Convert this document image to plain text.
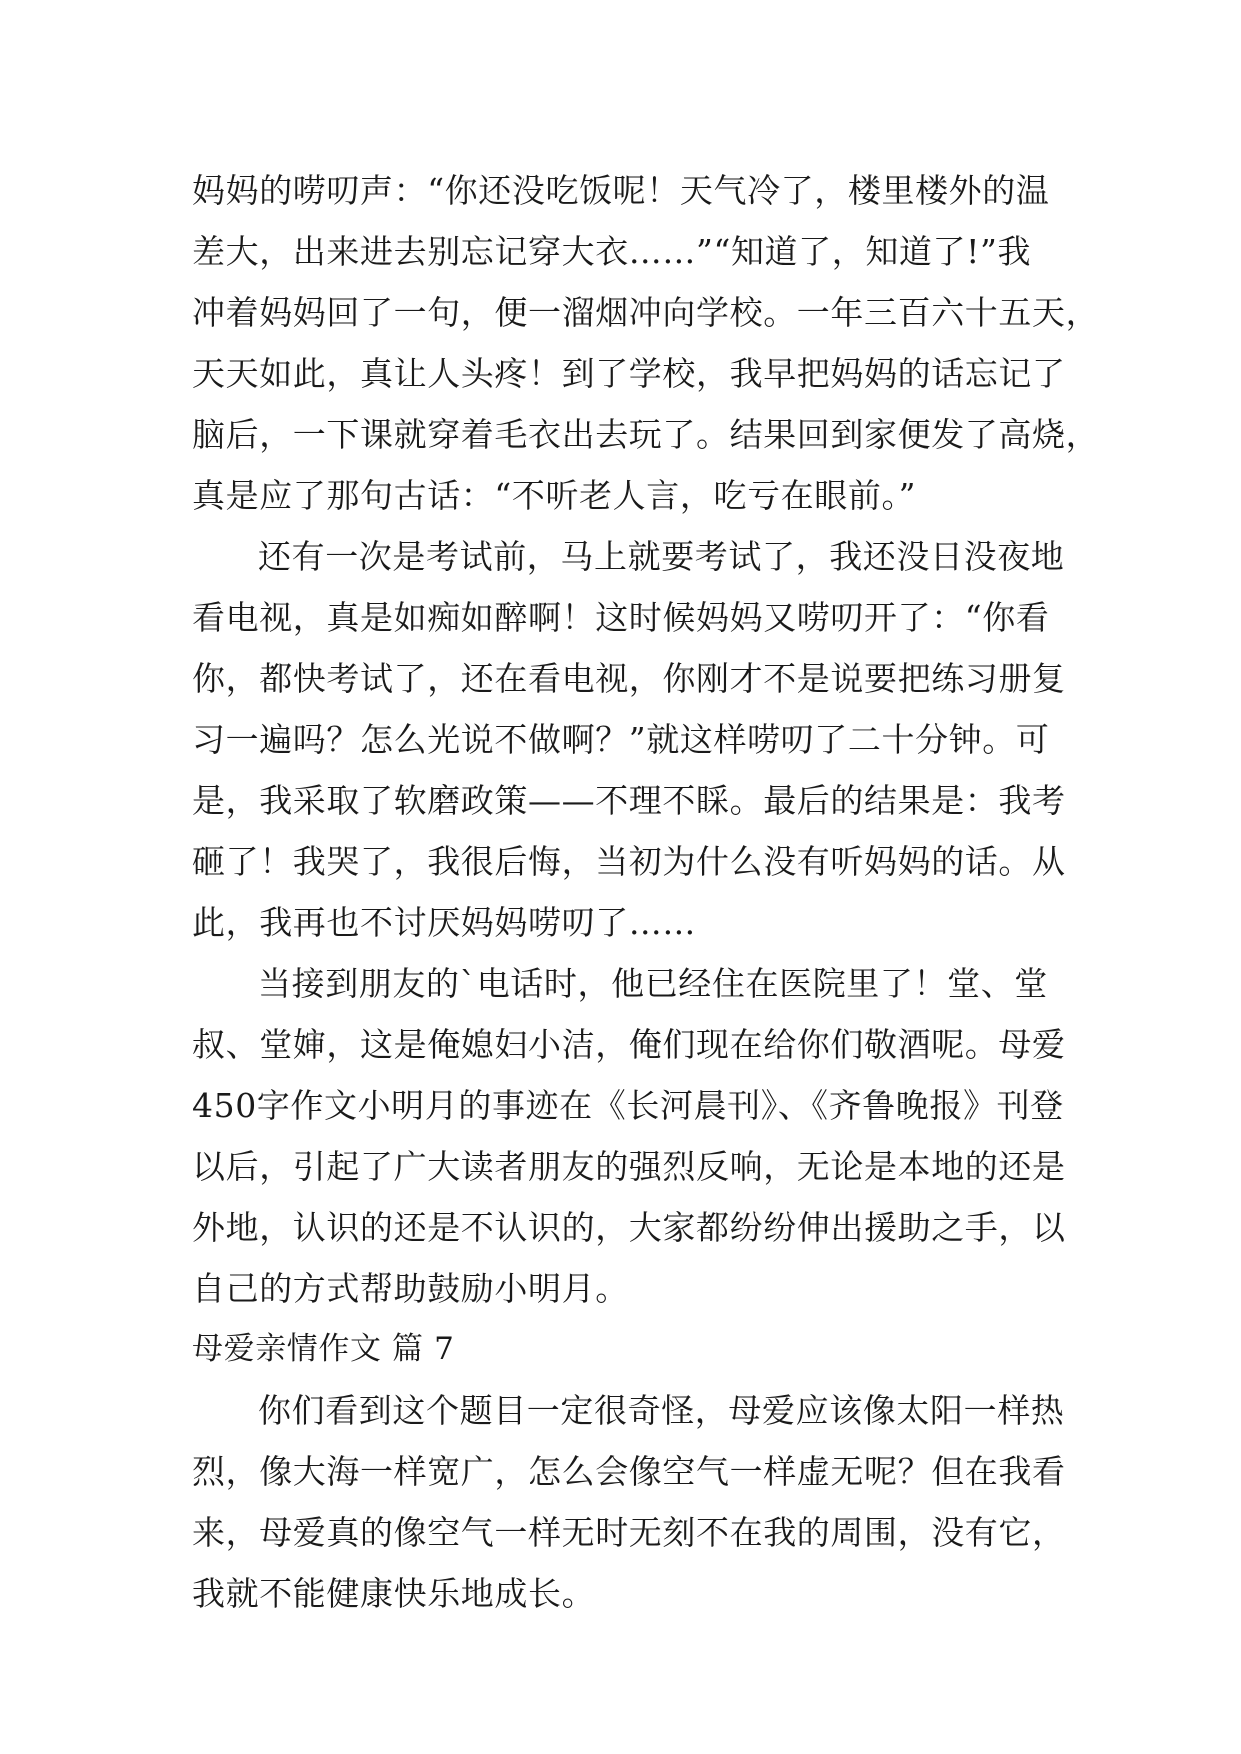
妈妈的唠叨声：“你还没吃饭呢！天气冷了，楼里楼外的温
差大，出来进去别忘记穿大衣……”“知道了，知道了!”我
冲着妈妈回了一句，便一溜烟冲向学校。一年三百六十五天，
天天如此，真让人头疼！到了学校，我早把妈妈的话忘记了
脑后，一下课就穿着毛衣出去玩了。结果回到家便发了高烧，
真是应了那句古话：“不听老人言，吃亏在眼前。”
还有一次是考试前，马上就要考试了，我还没日没夜地
看电视，真是如痴如醉啊！这时候妈妈又唠叨开了：“你看
你，都快考试了，还在看电视，你刚才不是说要把练习册复
习一遍吗？怎么光说不做啊？”就这样唠叨了二十分钟。可
是，我采取了软磨政策——不理不睬。最后的结果是：我考
砸了！我哭了，我很后悔，当初为什么没有听妈妈的话。从
此，我再也不讨厌妈妈唠叨了……
当接到朋友的`电话时，他已经住在医院里了！堂、堂
叔、堂婶，这是俺媳妇小洁，俺们现在给你们敬酒呢。母爱
450字作文小明月的事迹在《长河晨刊》、《齐鲁晚报》刊登
以后，引起了广大读者朋友的强烈反响，无论是本地的还是
外地，认识的还是不认识的，大家都纷纷伸出援助之手，以
自己的方式帮助鼓励小明月。
母爱亲情作文 篇 7
你们看到这个题目一定很奇怪，母爱应该像太阳一样热
烈，像大海一样宽广，怎么会像空气一样虚无呢？但在我看
来，母爱真的像空气一样无时无刻不在我的周围，没有它，
我就不能健康快乐地成长。
